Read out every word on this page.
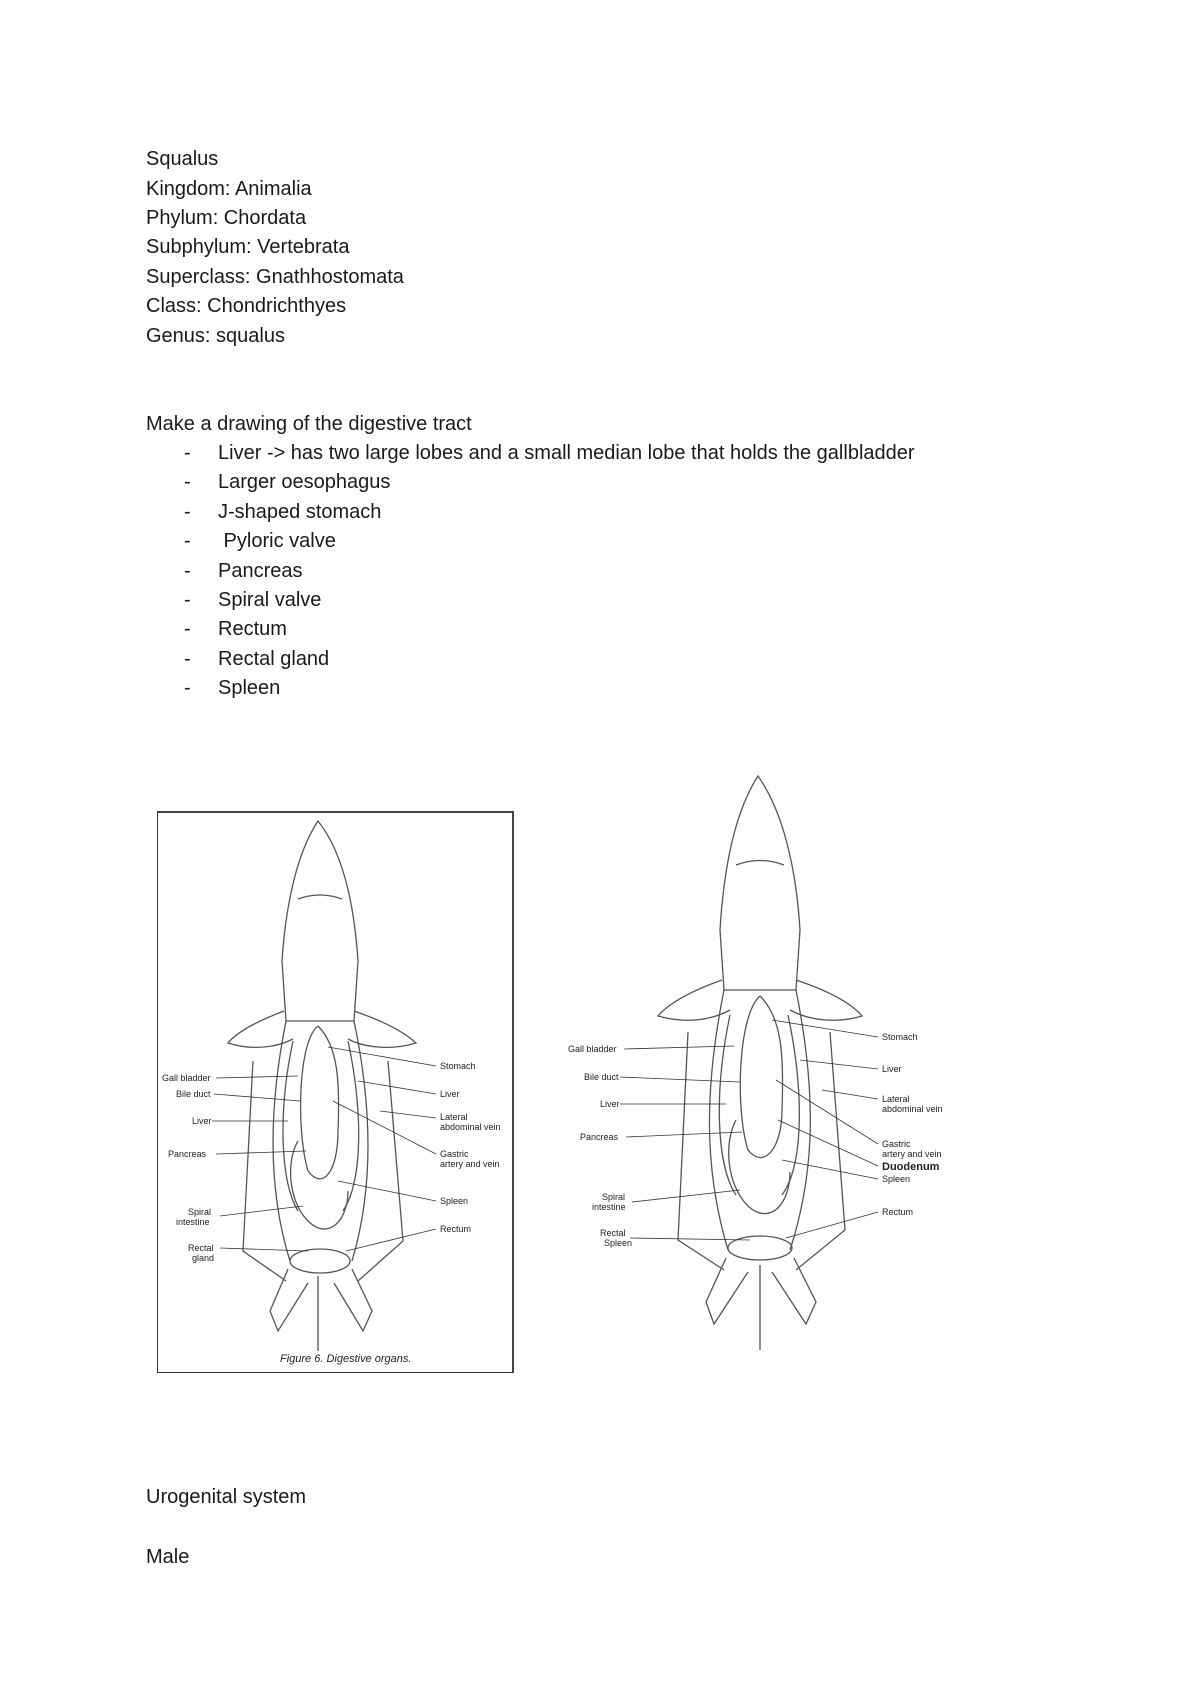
Squalus
Kingdom: Animalia
Phylum: Chordata
Subphylum: Vertebrata
Superclass: Gnathhostomata
Class: Chondrichthyes
Genus: squalus
Make a drawing of the digestive tract
- Liver -> has two large lobes and a small median lobe that holds the gallbladder
- Larger oesophagus
- J-shaped stomach
- Pyloric valve
- Pancreas
- Spiral valve
- Rectum
- Rectal gland
- Spleen
Gall bladder
Bile duct
Liver
Pancreas
Spiral
intestine
Rectal
gland
Stomach
Liver
Lateral
abdominal vein
Gastric
artery and vein
Spleen
Rectum
Figure 6. Digestive organs.
Gall bladder
Bile duct
Liver
Pancreas
Spiral
intestine
Rectal
Spleen
Stomach
Liver
Lateral
abdominal vein
Gastric
artery and vein
Duodenum
Spleen
Rectum
Urogenital system
Male
